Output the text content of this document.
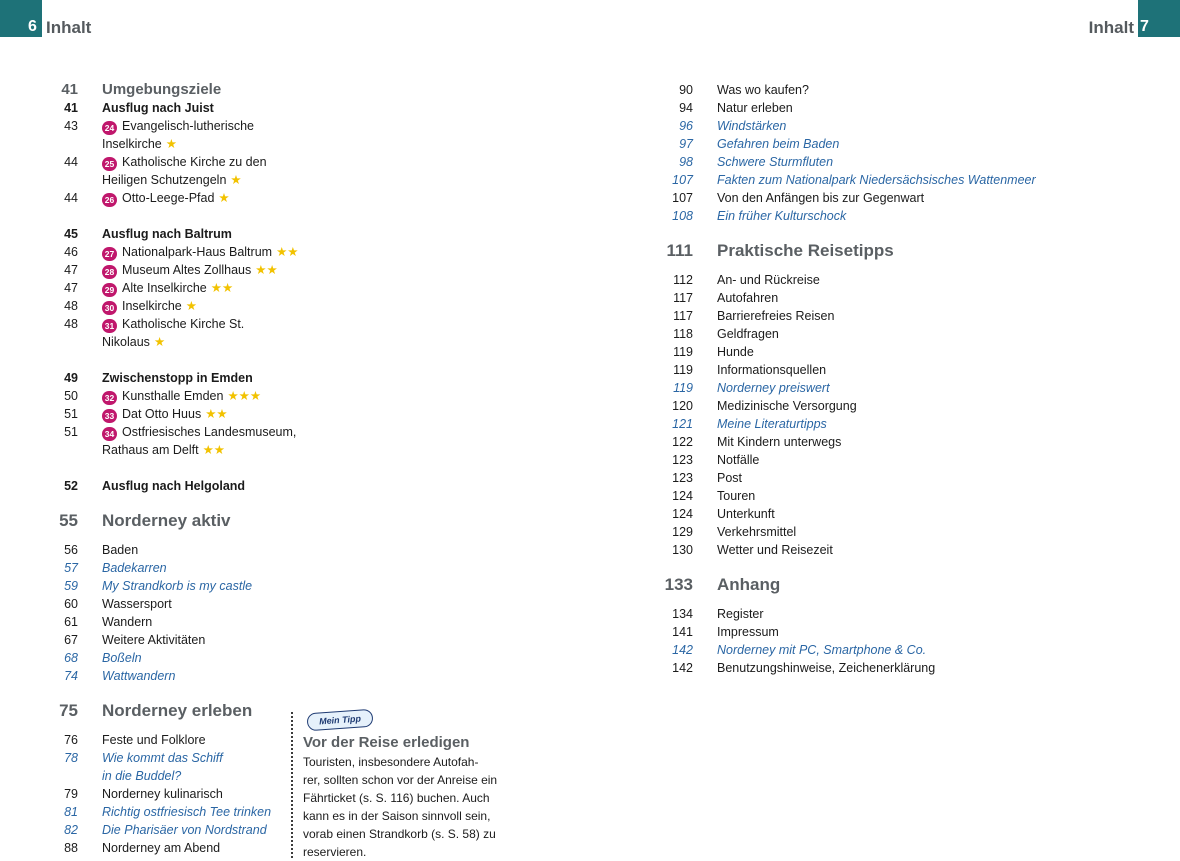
6 Inhalt	7
Inhalt
41 Umgebungsziele
41 Ausflug nach Juist
43	24 Evangelisch-lutherische
Inselkirche ★
44	25 Katholische Kirche zu den
Heiligen Schutzengeln ★
44	26 Otto-Leege-Pfad ★
45 Ausflug nach Baltrum
46	27 Nationalpark-Haus Baltrum ★★
47	28 Museum Altes Zollhaus ★★
47	29 Alte Inselkirche ★★
48	30 Inselkirche ★
48	31 Katholische Kirche St. Nikolaus ★
49 Zwischenstopp in Emden
50	32 Kunsthalle Emden ★★★
51	33 Dat Otto Huus ★★
51	34 Ostfriesisches Landesmuseum,
Rathaus am Delft ★★
52 Ausflug nach Helgoland
55 Norderney aktiv
56 Baden
57 Badekarren
59 My Strandkorb is my castle
60 Wassersport
61 Wandern
67 Weitere Aktivitäten
68 Boßeln
74 Wattwandern
75 Norderney erleben
76 Feste und Folklore
78 Wie kommt das Schiff
in die Buddel?
79 Norderney kulinarisch
81 Richtig ostfriesisch Tee trinken
82 Die Pharisäer von Nordstrand
88 Norderney am Abend
90 Was wo kaufen?
94 Natur erleben
96 Windstärken
97 Gefahren beim Baden
98 Schwere Sturmfluten
107 Fakten zum Nationalpark Niedersächsisches Wattenmeer
107 Von den Anfängen bis zur Gegenwart
108 Ein früher Kulturschock
111 Praktische Reisetipps
112 An- und Rückreise
117 Autofahren
117 Barrierefreies Reisen
118 Geldfragen
119 Hunde
119 Informationsquellen
119 Norderney preiswert
120 Medizinische Versorgung
121 Meine Literaturtipps
122 Mit Kindern unterwegs
123 Notfälle
123 Post
124 Touren
124 Unterkunft
129 Verkehrsmittel
130 Wetter und Reisezeit
133 Anhang
134 Register
141 Impressum
142 Norderney mit PC, Smartphone & Co.
142 Benutzungshinweise, Zeichenerklärung
Mein Tipp
Vor der Reise erledigen
Touristen, insbesondere Autofah-
rer, sollten schon vor der Anreise ein
Fährticket (s. S. 116) buchen. Auch
kann es in der Saison sinnvoll sein,
vorab einen Strandkorb (s. S. 58) zu
reservieren.
